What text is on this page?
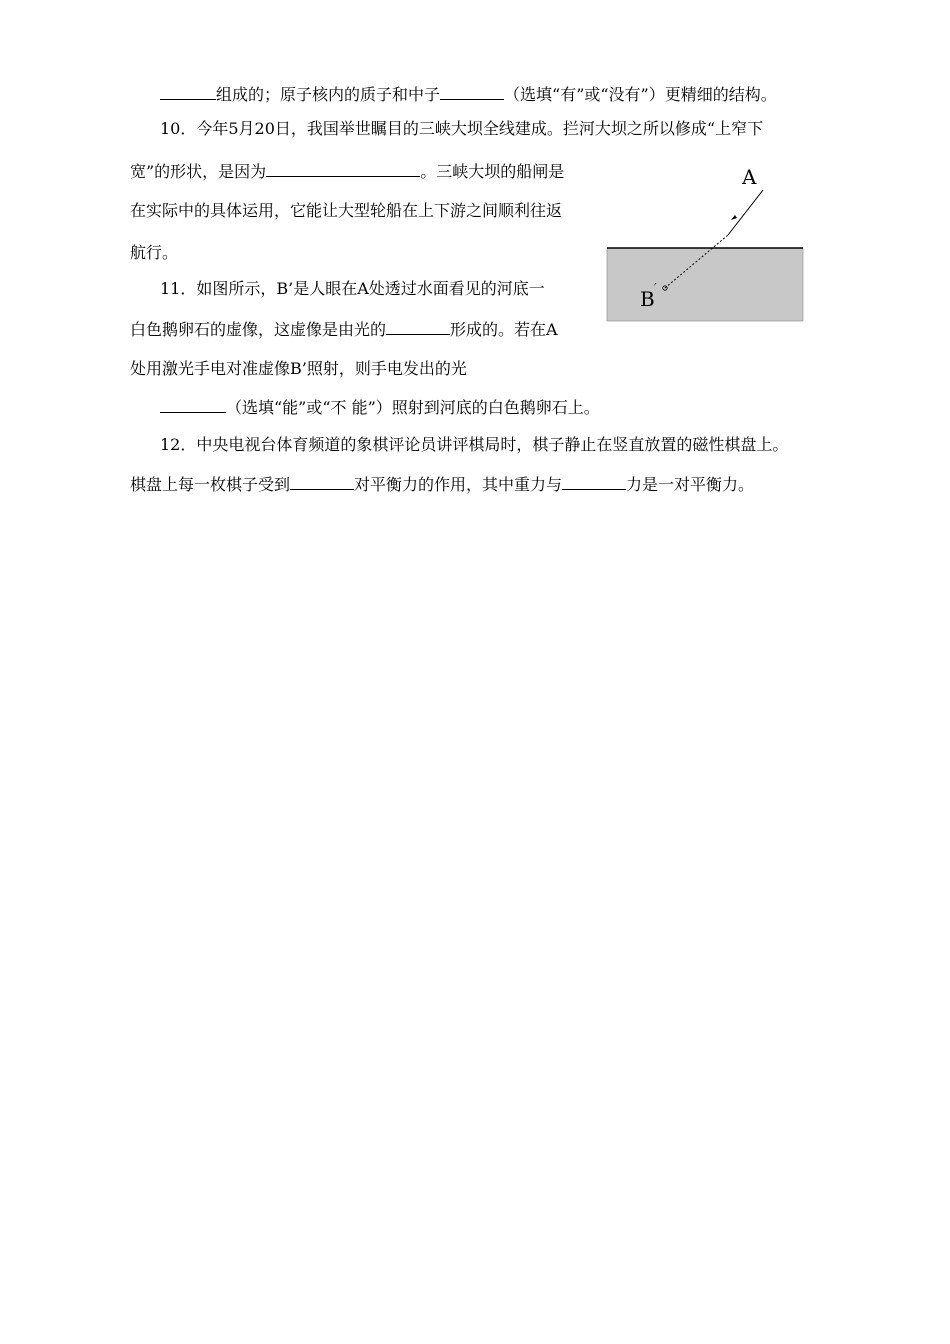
组成的；原子核内的质子和中子	（选填“有”或“没有”）更精细的结构。
10．今年5月20日，我国举世瞩目的三峡大坝全线建成。拦河大坝之所以修成“上窄下
宽”的形状，是因为	。三峡大坝的船闸是
在实际中的具体运用，它能让大型轮船在上下游之间顺利往返
航行。
A
B ′
11．如图所示，B’是人眼在A处透过水面看见的河底一
白色鹅卵石的虚像，这虚像是由光的	形成的。若在A
处用激光手电对准虚像B’照射，则手电发出的光
（选填“能”或“不 能”）照射到河底的白色鹅卵石上。
12．中央电视台体育频道的象棋评论员讲评棋局时，棋子静止在竖直放置的磁性棋盘上。
棋盘上每一枚棋子受到	对平衡力的作用，其中重力与	力是一对平衡力。
